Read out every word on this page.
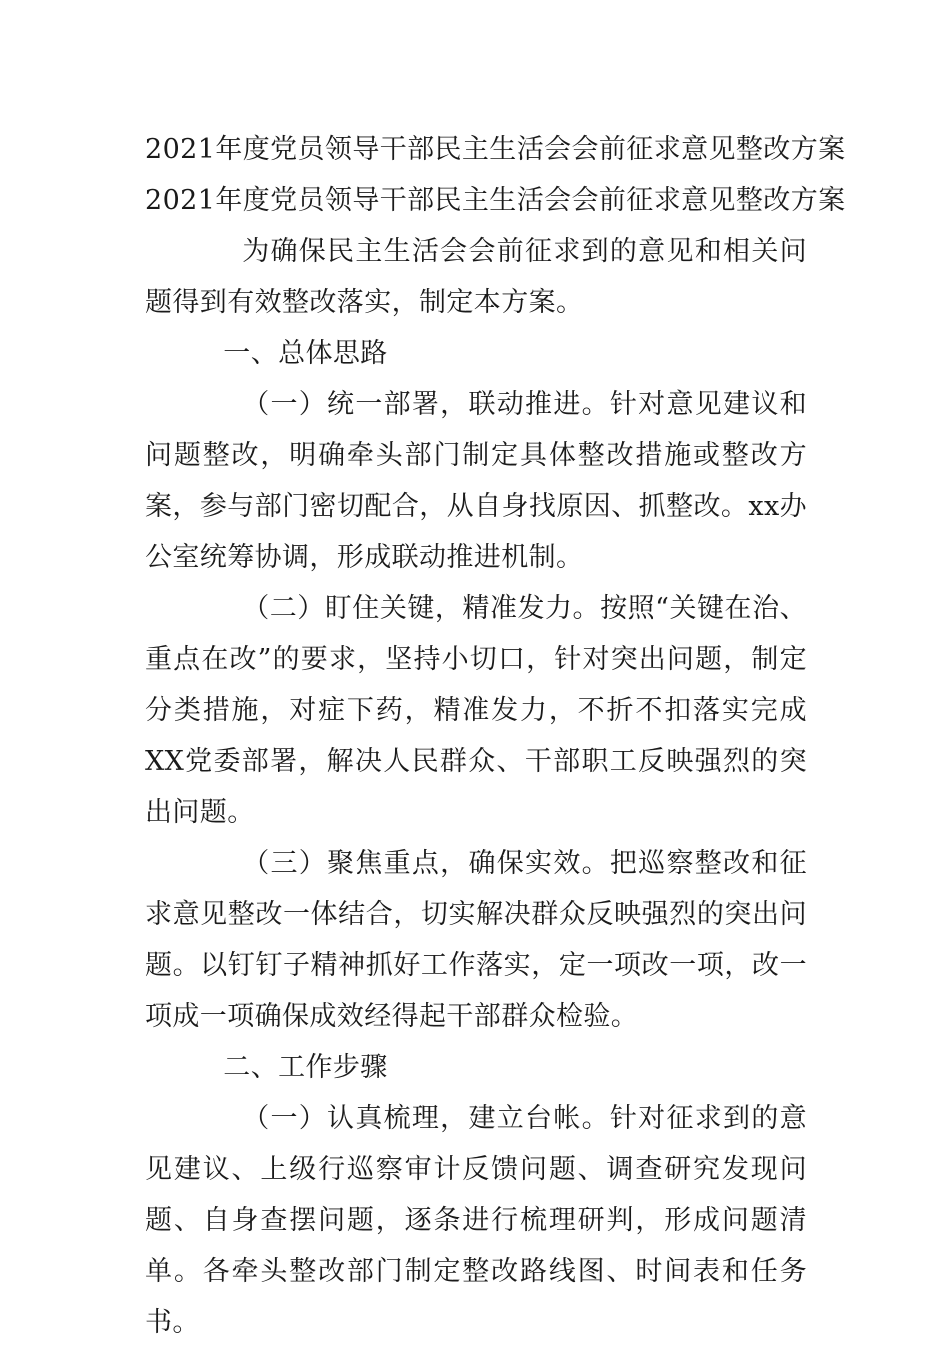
2021年度党员领导干部民主生活会会前征求意见整改方案
2021年度党员领导干部民主生活会会前征求意见整改方案

为确保民主生活会会前征求到的意见和相关问题得到有效整改落实，制定本方案。

一、总体思路

（一）统一部署，联动推进。针对意见建议和问题整改，明确牵头部门制定具体整改措施或整改方案，参与部门密切配合，从自身找原因、抓整改。xx办公室统筹协调，形成联动推进机制。

（二）盯住关键，精准发力。按照“关键在治、重点在改”的要求，坚持小切口，针对突出问题，制定分类措施，对症下药，精准发力，不折不扣落实完成XX党委部署，解决人民群众、干部职工反映强烈的突出问题。

（三）聚焦重点，确保实效。把巡察整改和征求意见整改一体结合，切实解决群众反映强烈的突出问题。以钉钉子精神抓好工作落实，定一项改一项，改一项成一项确保成效经得起干部群众检验。

二、工作步骤

（一）认真梳理，建立台帐。针对征求到的意见建议、上级行巡察审计反馈问题、调查研究发现问题、自身查摆问题，逐条进行梳理研判，形成问题清单。各牵头整改部门制定整改路线图、时间表和任务书。
